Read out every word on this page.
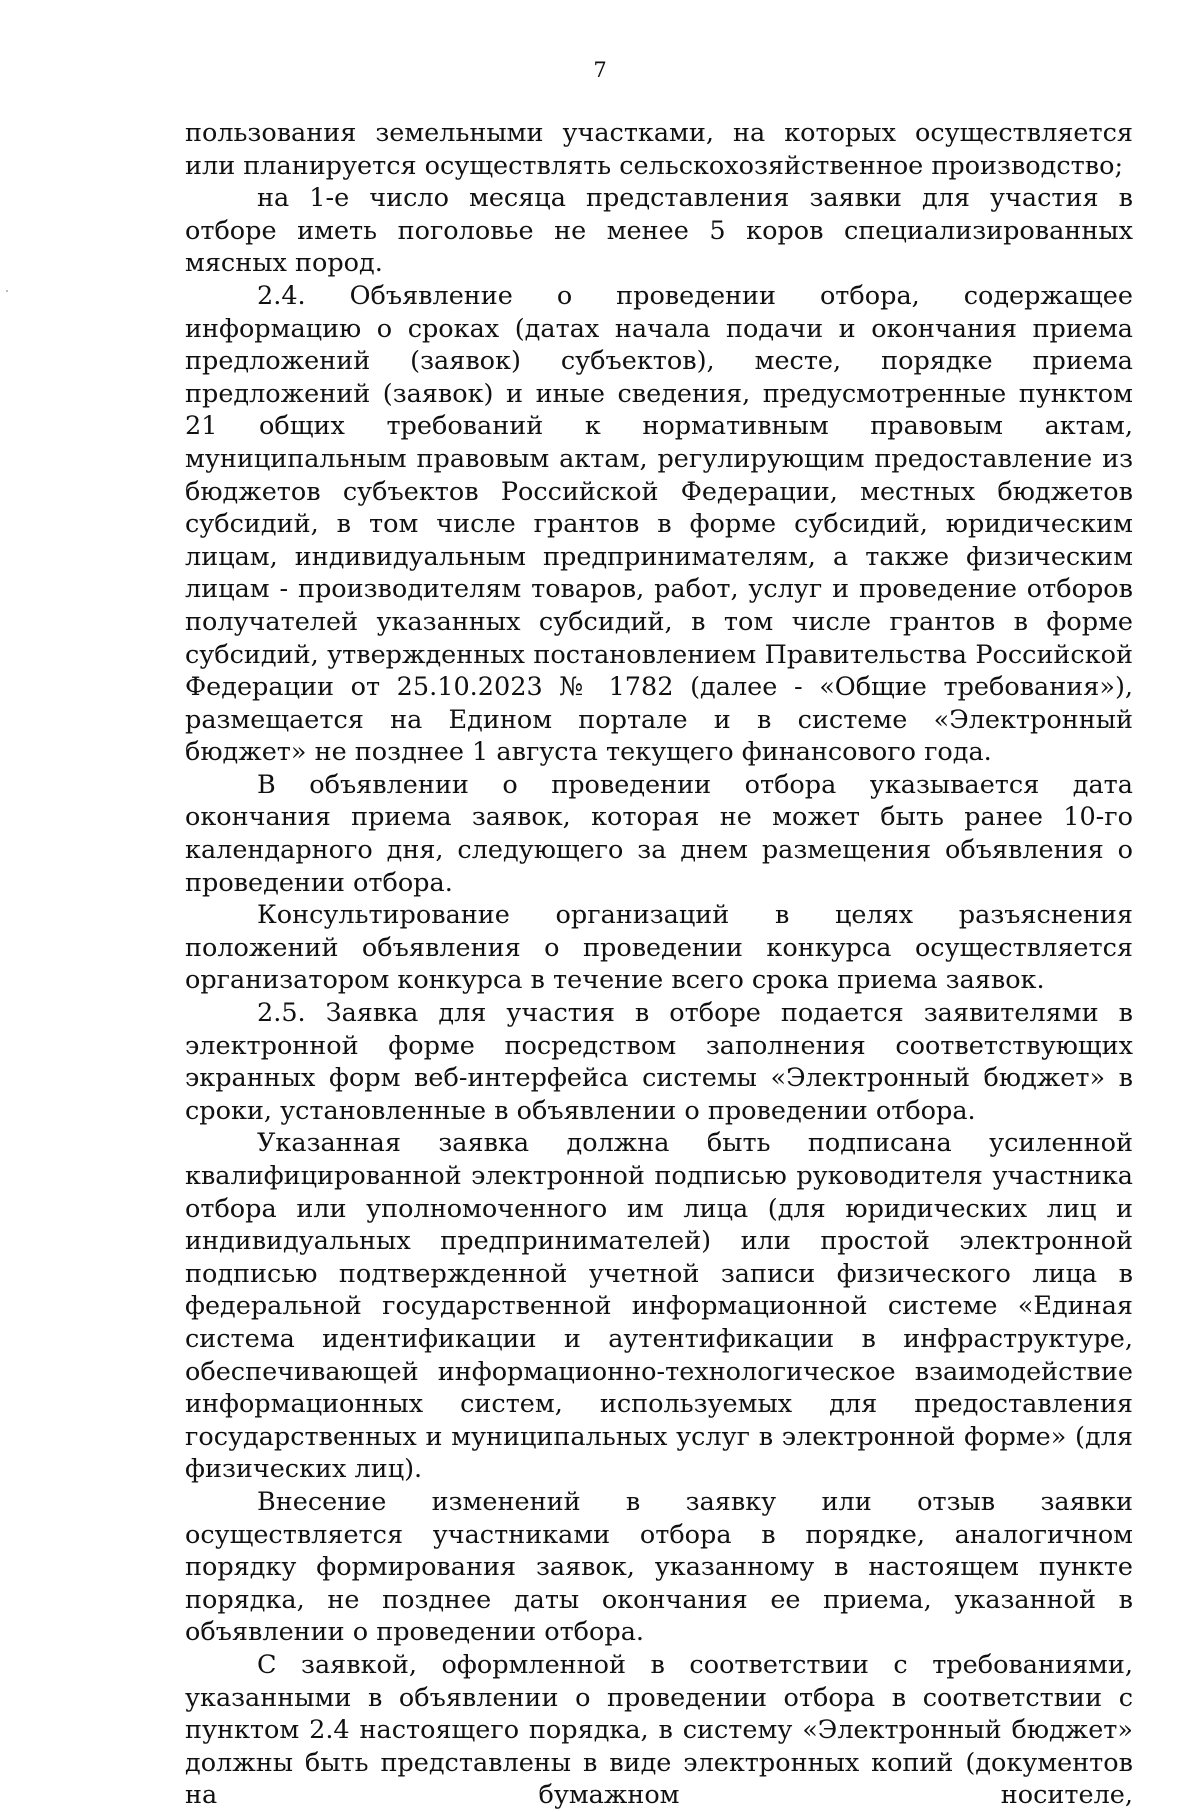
7

пользования земельными участками, на которых осуществляется или планируется осуществлять сельскохозяйственное производство;

на 1-е число месяца представления заявки для участия в отборе иметь поголовье не менее 5 коров специализированных мясных пород.

2.4. Объявление о проведении отбора, содержащее информацию о сроках (датах начала подачи и окончания приема предложений (заявок) субъектов), месте, порядке приема предложений (заявок) и иные сведения, предусмотренные пунктом 21 общих требований к нормативным правовым актам, муниципальным правовым актам, регулирующим предоставление из бюджетов субъектов Российской Федерации, местных бюджетов субсидий, в том числе грантов в форме субсидий, юридическим лицам, индивидуальным предпринимателям, а также физическим лицам - производителям товаров, работ, услуг и проведение отборов получателей указанных субсидий, в том числе грантов в форме субсидий, утвержденных постановлением Правительства Российской Федерации от 25.10.2023 № 1782 (далее - «Общие требования»), размещается на Едином портале и в системе «Электронный бюджет» не позднее 1 августа текущего финансового года.

В объявлении о проведении отбора указывается дата окончания приема заявок, которая не может быть ранее 10-го календарного дня, следующего за днем размещения объявления о проведении отбора.

Консультирование организаций в целях разъяснения положений объявления о проведении конкурса осуществляется организатором конкурса в течение всего срока приема заявок.

2.5. Заявка для участия в отборе подается заявителями в электронной форме посредством заполнения соответствующих экранных форм веб-интерфейса системы «Электронный бюджет» в сроки, установленные в объявлении о проведении отбора.

Указанная заявка должна быть подписана усиленной квалифицированной электронной подписью руководителя участника отбора или уполномоченного им лица (для юридических лиц и индивидуальных предпринимателей) или простой электронной подписью подтвержденной учетной записи физического лица в федеральной государственной информационной системе «Единая система идентификации и аутентификации в инфраструктуре, обеспечивающей информационно-технологическое взаимодействие информационных систем, используемых для предоставления государственных и муниципальных услуг в электронной форме» (для физических лиц).

Внесение изменений в заявку или отзыв заявки осуществляется участниками отбора в порядке, аналогичном порядку формирования заявок, указанному в настоящем пункте порядка, не позднее даты окончания ее приема, указанной в объявлении о проведении отбора.

С заявкой, оформленной в соответствии с требованиями, указанными в объявлении о проведении отбора в соответствии с пунктом 2.4 настоящего порядка, в систему «Электронный бюджет» должны быть представлены в виде электронных копий (документов на бумажном носителе,
